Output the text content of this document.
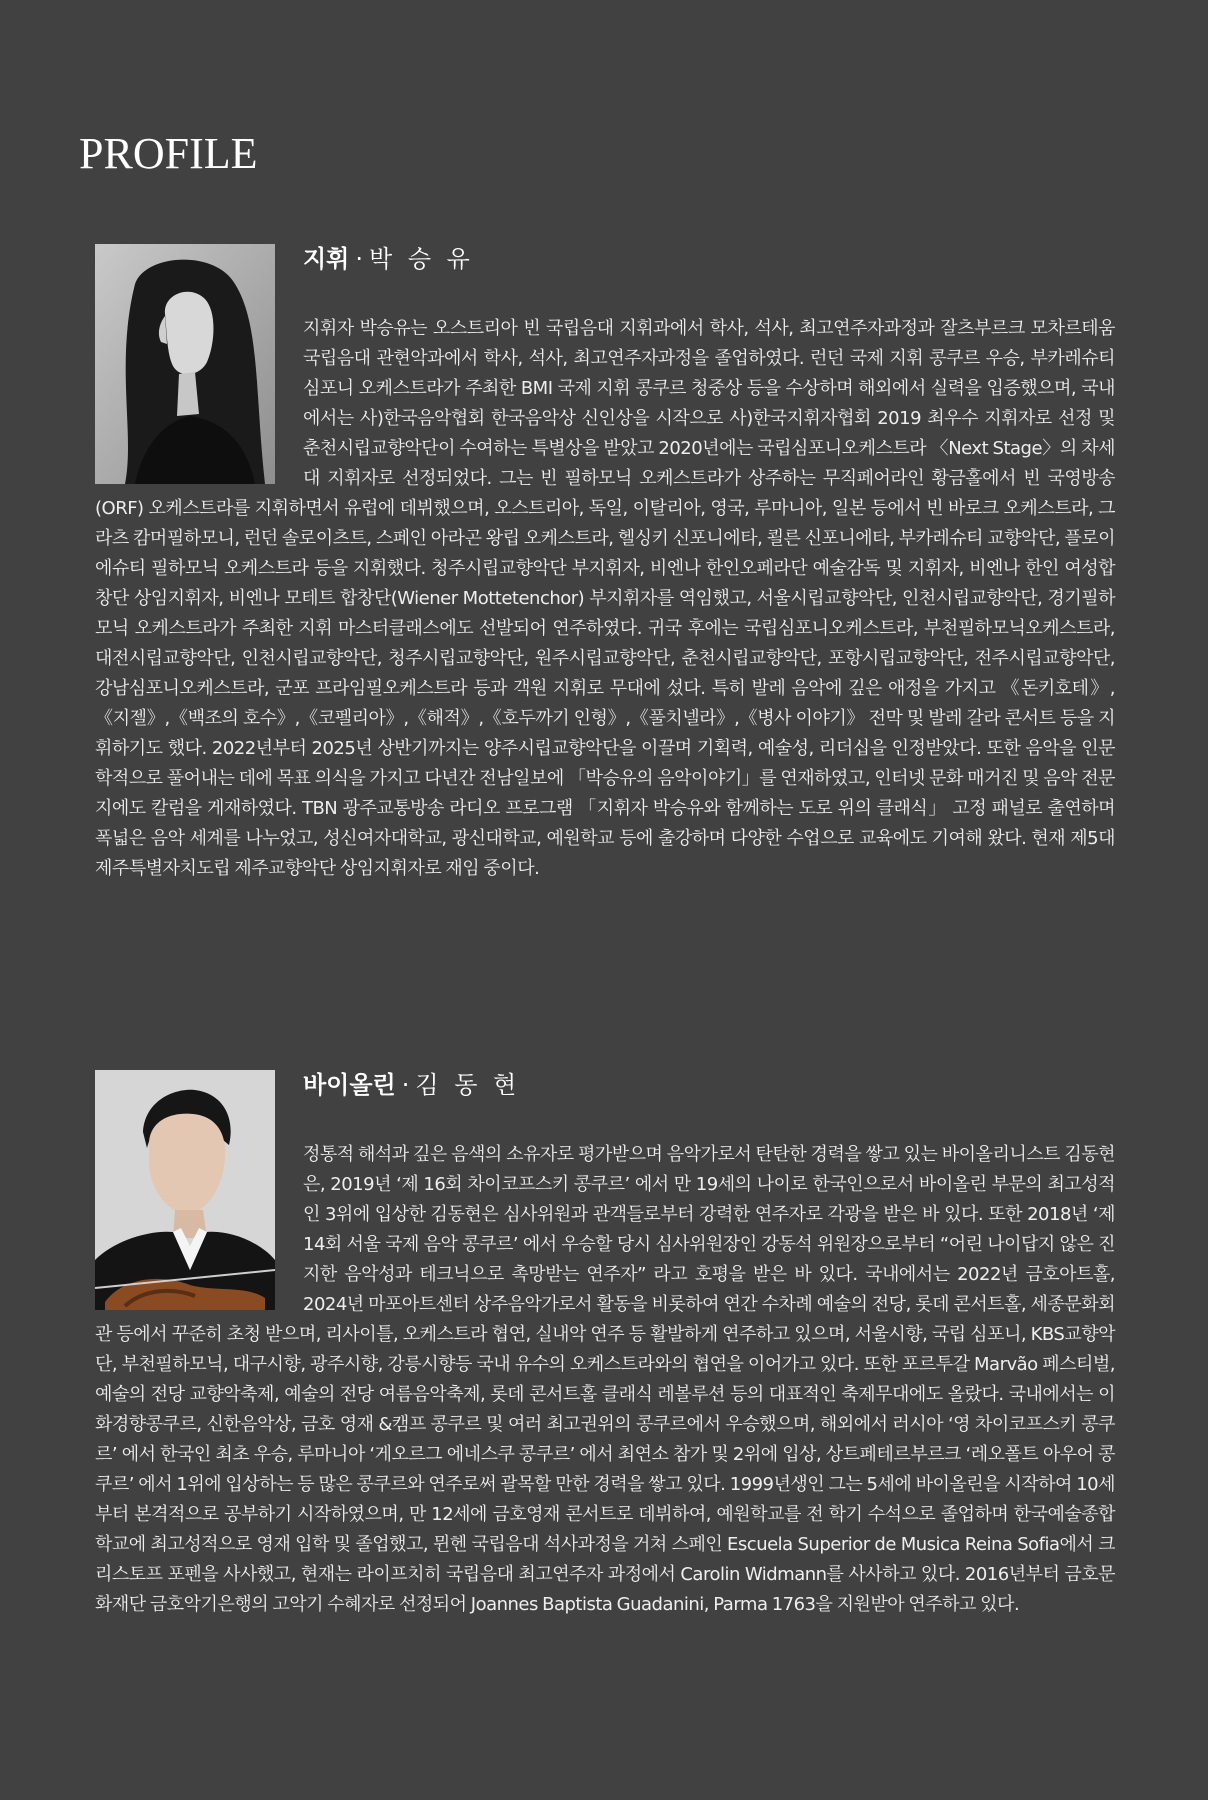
PROFILE
지휘 · 박 승 유

지휘자 박승유는 오스트리아 빈 국립음대 지휘과에서 학사, 석사, 최고연주자과정과 잘츠부르크 모차르테움 국립음대 관현악과에서 학사, 석사, 최고연주자과정을 졸업하였다. 런던 국제 지휘 콩쿠르 우승, 부카레슈티 심포니 오케스트라가 주최한 BMI 국제 지휘 콩쿠르 청중상 등을 수상하며 해외에서 실력을 입증했으며, 국내에서는 사)한국음악협회 한국음악상 신인상을 시작으로 사)한국지휘자협회 2019 최우수 지휘자로 선정 및 춘천시립교향악단이 수여하는 특별상을 받았고 2020년에는 국립심포니오케스트라 〈Next Stage〉의 차세대 지휘자로 선정되었다. 그는 빈 필하모닉 오케스트라가 상주하는 무직페어라인 황금홀에서 빈 국영방송(ORF) 오케스트라를 지휘하면서 유럽에 데뷔했으며, 오스트리아, 독일, 이탈리아, 영국, 루마니아, 일본 등에서 빈 바로크 오케스트라, 그라츠 캄머필하모니, 런던 솔로이츠트, 스페인 아라곤 왕립 오케스트라, 헬싱키 신포니에타, 쾰른 신포니에타, 부카레슈티 교향악단, 플로이에슈티 필하모닉 오케스트라 등을 지휘했다. 청주시립교향악단 부지휘자, 비엔나 한인오페라단 예술감독 및 지휘자, 비엔나 한인 여성합창단 상임지휘자, 비엔나 모테트 합창단(Wiener Mottetenchor) 부지휘자를 역임했고, 서울시립교향악단, 인천시립교향악단, 경기필하모닉 오케스트라가 주최한 지휘 마스터클래스에도 선발되어 연주하였다. 귀국 후에는 국립심포니오케스트라, 부천필하모닉오케스트라, 대전시립교향악단, 인천시립교향악단, 청주시립교향악단, 원주시립교향악단, 춘천시립교향악단, 포항시립교향악단, 전주시립교향악단, 강남심포니오케스트라, 군포 프라임필오케스트라 등과 객원 지휘로 무대에 섰다. 특히 발레 음악에 깊은 애정을 가지고 《돈키호테》,《지젤》,《백조의 호수》,《코펠리아》,《해적》,《호두까기 인형》,《풀치넬라》,《병사 이야기》 전막 및 발레 갈라 콘서트 등을 지휘하기도 했다. 2022년부터 2025년 상반기까지는 양주시립교향악단을 이끌며 기획력, 예술성, 리더십을 인정받았다. 또한 음악을 인문학적으로 풀어내는 데에 목표 의식을 가지고 다년간 전남일보에 「박승유의 음악이야기」를 연재하였고, 인터넷 문화 매거진 및 음악 전문지에도 칼럼을 게재하였다. TBN 광주교통방송 라디오 프로그램 「지휘자 박승유와 함께하는 도로 위의 클래식」 고정 패널로 출연하며 폭넓은 음악 세계를 나누었고, 성신여자대학교, 광신대학교, 예원학교 등에 출강하며 다양한 수업으로 교육에도 기여해 왔다. 현재 제5대 제주특별자치도립 제주교향악단 상임지휘자로 재임 중이다.

바이올린 · 김 동 현

정통적 해석과 깊은 음색의 소유자로 평가받으며 음악가로서 탄탄한 경력을 쌓고 있는 바이올리니스트 김동현은, 2019년 ‘제 16회 차이코프스키 콩쿠르’ 에서 만 19세의 나이로 한국인으로서 바이올린 부문의 최고성적인 3위에 입상한 김동현은 심사위원과 관객들로부터 강력한 연주자로 각광을 받은 바 있다. 또한 2018년 ‘제 14회 서울 국제 음악 콩쿠르’ 에서 우승할 당시 심사위원장인 강동석 위원장으로부터 “어린 나이답지 않은 진지한 음악성과 테크닉으로 촉망받는 연주자” 라고 호평을 받은 바 있다. 국내에서는 2022년 금호아트홀, 2024년 마포아트센터 상주음악가로서 활동을 비롯하여 연간 수차례 예술의 전당, 롯데 콘서트홀, 세종문화회관 등에서 꾸준히 초청 받으며, 리사이틀, 오케스트라 협연, 실내악 연주 등 활발하게 연주하고 있으며, 서울시향, 국립 심포니, KBS교향악단, 부천필하모닉, 대구시향, 광주시향, 강릉시향등 국내 유수의 오케스트라와의 협연을 이어가고 있다. 또한 포르투갈 Marvão 페스티벌, 예술의 전당 교향악축제, 예술의 전당 여름음악축제, 롯데 콘서트홀 클래식 레볼루션 등의 대표적인 축제무대에도 올랐다. 국내에서는 이화경향콩쿠르, 신한음악상, 금호 영재 &캠프 콩쿠르 및 여러 최고권위의 콩쿠르에서 우승했으며, 해외에서 러시아 ‘영 차이코프스키 콩쿠르’ 에서 한국인 최초 우승, 루마니아 ‘게오르그 에네스쿠 콩쿠르’ 에서 최연소 참가 및 2위에 입상, 상트페테르부르크 ‘레오폴트 아우어 콩쿠르’ 에서 1위에 입상하는 등 많은 콩쿠르와 연주로써 괄목할 만한 경력을 쌓고 있다. 1999년생인 그는 5세에 바이올린을 시작하여 10세부터 본격적으로 공부하기 시작하였으며, 만 12세에 금호영재 콘서트로 데뷔하여, 예원학교를 전 학기 수석으로 졸업하며 한국예술종합학교에 최고성적으로 영재 입학 및 졸업했고, 뮌헨 국립음대 석사과정을 거쳐 스페인 Escuela Superior de Musica Reina Sofia에서 크리스토프 포펜을 사사했고, 현재는 라이프치히 국립음대 최고연주자 과정에서 Carolin Widmann를 사사하고 있다. 2016년부터 금호문화재단 금호악기은행의 고악기 수혜자로 선정되어 Joannes Baptista Guadanini, Parma 1763을 지원받아 연주하고 있다.
